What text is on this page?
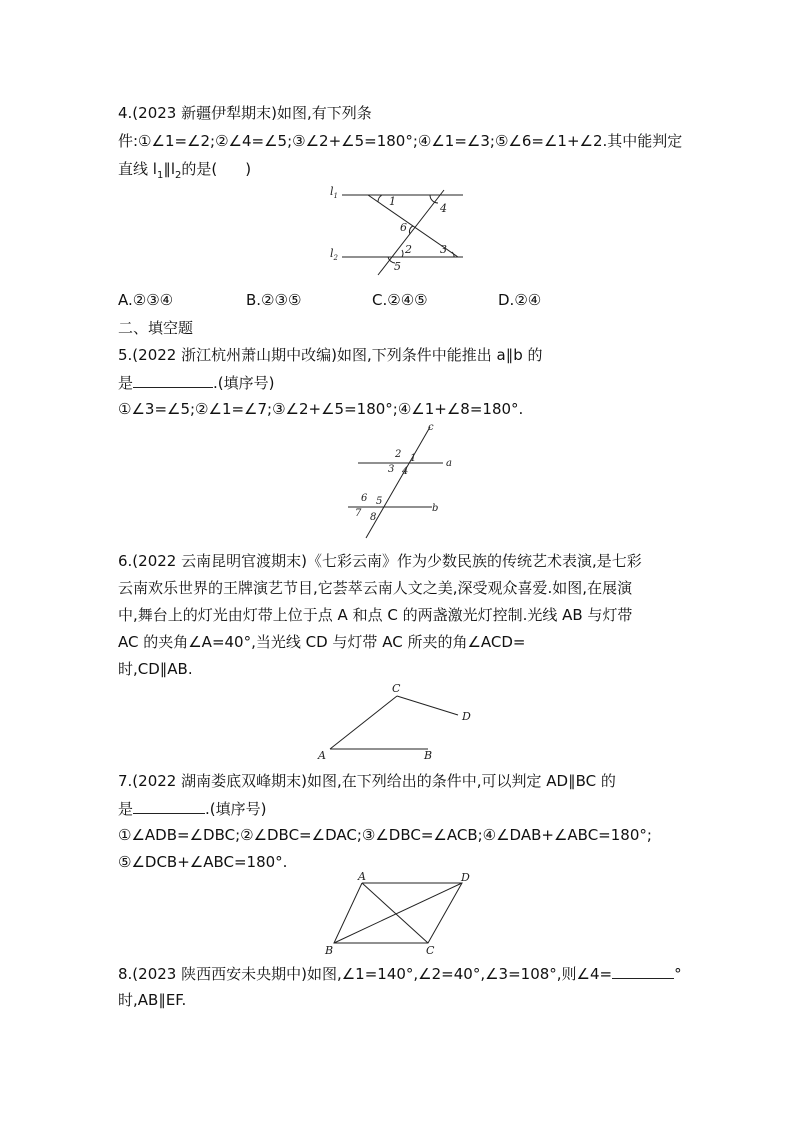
4.(2023 新疆伊犁期末)如图,有下列条
件:①∠1=∠2;②∠4=∠5;③∠2+∠5=180°;④∠1=∠3;⑤∠6=∠1+∠2.其中能判定
直线 $l_1\parallel l_2$的是( )
$l_1$
$l_2$
1
4
6
2	3
5
A.②③④	B.②③⑤	C.②④⑤	D.②④
二、填空题
5.(2022 浙江杭州萧山期中改编)如图,下列条件中能推出 a∥b 的
是	.(填序号)
①∠3=∠5;②∠1=∠7;③∠2+∠5=180°;④∠1+∠8=180°.
c
a
b
2 1
3 4
6 5
7 8
6.(2022 云南昆明官渡期末)《七彩云南》作为少数民族的传统艺术表演,是七彩
云南欢乐世界的王牌演艺节目,它荟萃云南人文之美,深受观众喜爱.如图,在展演
中,舞台上的灯光由灯带上位于点 A 和点 C 的两盏激光灯控制.光线 AB 与灯带
AC 的夹角∠A=40°,当光线 CD 与灯带 AC 所夹的角∠ACD=
时,CD∥AB.
A	B
C
D
7.(2022 湖南娄底双峰期末)如图,在下列给出的条件中,可以判定 AD∥BC 的
是	.(填序号)
①∠ADB=∠DBC;②∠DBC=∠DAC;③∠DBC=∠ACB;④∠DAB+∠ABC=180°;
⑤∠DCB+∠ABC=180°.
A	D
B	C
8.(2023 陕西西安未央期中)如图,∠1=140°,∠2=40°,∠3=108°,则∠4=	°
时,AB∥EF.
